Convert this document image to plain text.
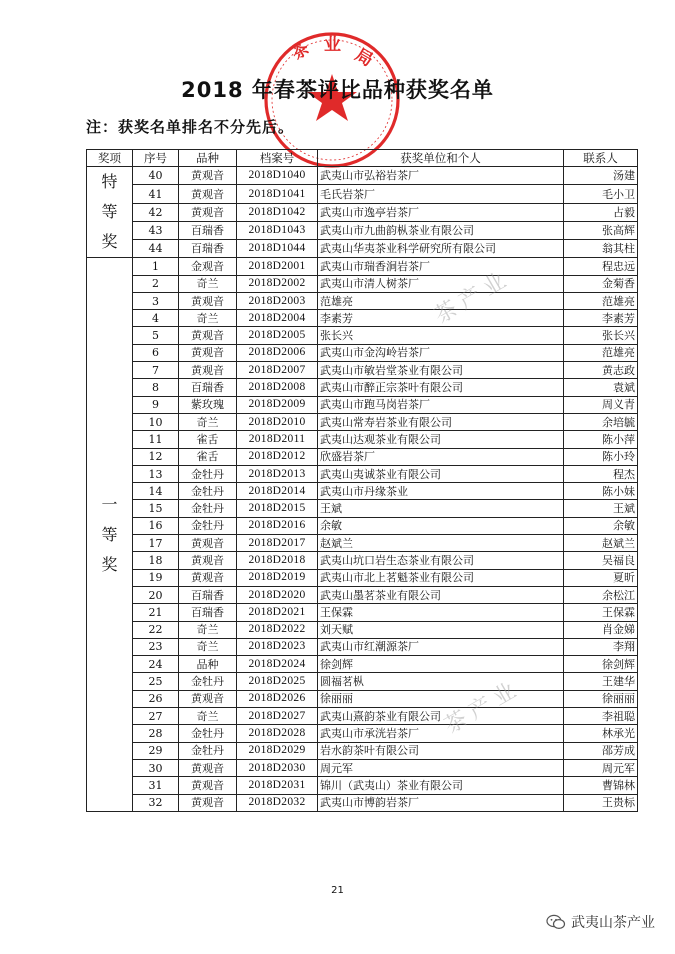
茶 业
局
2018 年春茶评比品种获奖名单
注：获奖名单排名不分先后。
奖项	序号	品种	档案号	获奖单位和个人	联系人

特
等
奖	40	黄观音	2018D1040	武夷山市弘裕岩茶厂	汤建
	41	黄观音	2018D1041	毛氏岩茶厂	毛小卫
	42	黄观音	2018D1042	武夷山市逸亭岩茶厂	占毅
	43	百瑞香	2018D1043	武夷山市九曲韵枞茶业有限公司	张高辉
	44	百瑞香	2018D1044	武夷山华夷茶业科学研究所有限公司	翁其柱

一
等
奖	1	金观音	2018D2001	武夷山市瑞香涧岩茶厂	程忠远
	2	奇兰	2018D2002	武夷山市清人树茶厂	金菊香
	3	黄观音	2018D2003	范雄亮	范雄亮
	4	奇兰	2018D2004	李素芳	李素芳
	5	黄观音	2018D2005	张长兴	张长兴
	6	黄观音	2018D2006	武夷山市金沟岭岩茶厂	范雄亮
	7	黄观音	2018D2007	武夷山市敏岩堂茶业有限公司	黄志政
	8	百瑞香	2018D2008	武夷山市醉正宗茶叶有限公司	袁斌
	9	紫玫瑰	2018D2009	武夷山市跑马岗岩茶厂	周义青
	10	奇兰	2018D2010	武夷山常寿岩茶业有限公司	余培毓
	11	雀舌	2018D2011	武夷山达观茶业有限公司	陈小萍
	12	雀舌	2018D2012	欣盛岩茶厂	陈小玲
	13	金牡丹	2018D2013	武夷山夷诚茶业有限公司	程杰
	14	金牡丹	2018D2014	武夷山市丹缘茶业	陈小妹
	15	金牡丹	2018D2015	王斌	王斌
	16	金牡丹	2018D2016	余敏	余敏
	17	黄观音	2018D2017	赵斌兰	赵斌兰
	18	黄观音	2018D2018	武夷山坑口岩生态茶业有限公司	吴福良
	19	黄观音	2018D2019	武夷山市北上茗魁茶业有限公司	夏昕
	20	百瑞香	2018D2020	武夷山墨茗茶业有限公司	余松江
	21	百瑞香	2018D2021	王保霖	王保霖
	22	奇兰	2018D2022	刘天赋	肖金娣
	23	奇兰	2018D2023	武夷山市红潮源茶厂	李翔
	24	品种	2018D2024	徐剑辉	徐剑辉
	25	金牡丹	2018D2025	圆福茗枞	王建华
	26	黄观音	2018D2026	徐丽丽	徐丽丽
	27	奇兰	2018D2027	武夷山熹韵茶业有限公司	李祖聪
	28	金牡丹	2018D2028	武夷山市承洸岩茶厂	林承光
	29	金牡丹	2018D2029	岩水韵茶叶有限公司	邵芳成
	30	黄观音	2018D2030	周元军	周元军
	31	黄观音	2018D2031	锦川（武夷山）茶业有限公司	曹锦林
	32	黄观音	2018D2032	武夷山市博韵岩茶厂	王贵标
茶产业
茶产业
21
武夷山茶产业
